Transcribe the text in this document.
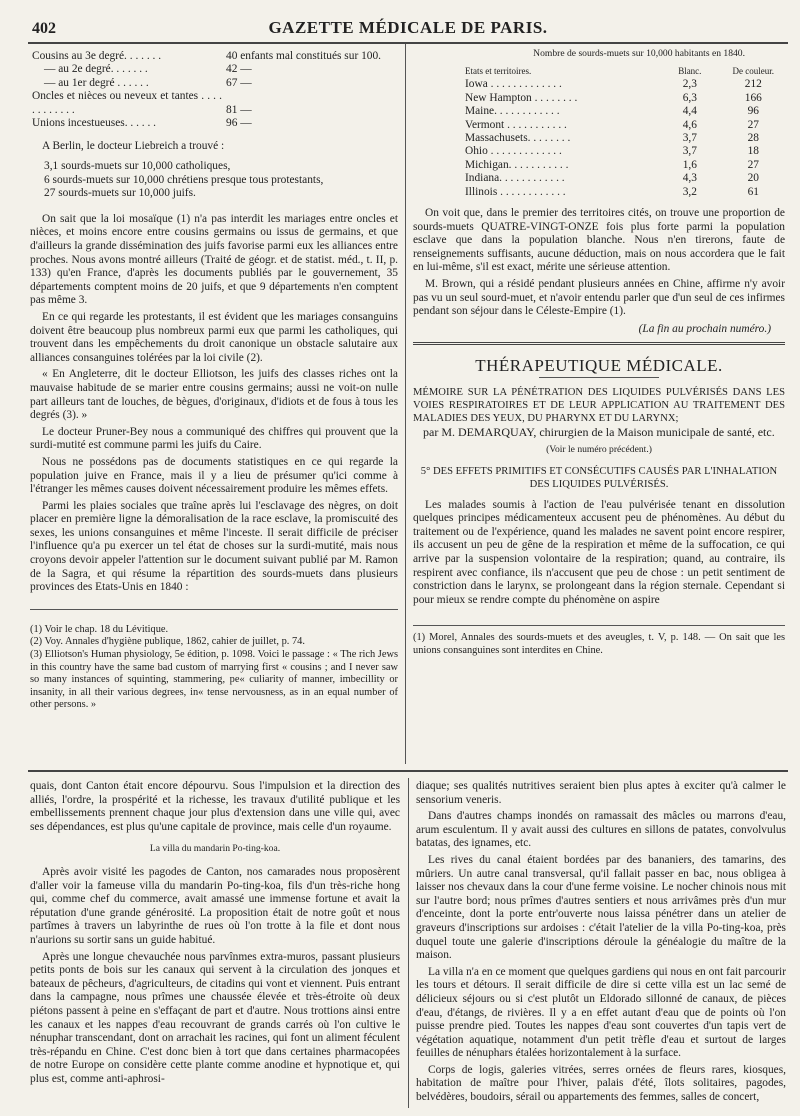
402	GAZETTE MÉDICALE DE PARIS.
Cousins au 3e degré. . . . . . .	40 enfants mal constitués sur 100.
— au 2e degré. . . . . . .	42 —
— au 1er degré . . . . . .	67 —
Oncles et nièces ou neveux et tantes . . . . . . . . . . . .	81 —
Unions incestueuses. . . . . .	96 —

A Berlin, le docteur Liebreich a trouvé :

3,1 sourds-muets sur 10,000 catholiques,
6 sourds-muets sur 10,000 chrétiens presque tous protestants,
27 sourds-muets sur 10,000 juifs.

On sait que la loi mosaïque (1) n'a pas interdit les mariages entre oncles et nièces, et moins encore entre cousins germains ou issus de germains, et que d'ailleurs la grande dissémination des juifs favorise parmi eux les alliances entre proches. Nous avons montré ailleurs (Traité de géogr. et de statist. méd., t. II, p. 133) qu'en France, d'après les documents publiés par le gouvernement, 35 départements comptent moins de 20 juifs, et que 9 départements n'en comptent pas même 3.

En ce qui regarde les protestants, il est évident que les mariages consanguins doivent être beaucoup plus nombreux parmi eux que parmi les catholiques, qui trouvent dans les empêchements du droit canonique un obstacle salutaire aux alliances consanguines tolérées par la loi civile (2).

« En Angleterre, dit le docteur Elliotson, les juifs des classes riches ont la mauvaise habitude de se marier entre cousins germains; aussi ne voit-on nulle part ailleurs tant de louches, de bègues, d'originaux, d'idiots et de fous à tous les degrés (3). »

Le docteur Pruner-Bey nous a communiqué des chiffres qui prouvent que la surdi-mutité est commune parmi les juifs du Caire.

Nous ne possédons pas de documents statistiques en ce qui regarde la population juive en France, mais il y a lieu de présumer qu'ici comme à l'étranger les mêmes causes doivent nécessairement produire les mêmes effets.

Parmi les plaies sociales que traîne après lui l'esclavage des nègres, on doit placer en première ligne la démoralisation de la race esclave, la promiscuité des sexes, les unions consanguines et même l'inceste. Il serait difficile de préciser l'influence qu'a pu exercer un tel état de choses sur la surdi-mutité, mais nous croyons devoir appeler l'attention sur le document suivant publié par M. Ramon de la Sagra, et qui résume la répartition des sourds-muets dans plusieurs provinces des Etats-Unis en 1840 :

(1) Voir le chap. 18 du Lévitique.

(2) Voy. Annales d'hygiène publique, 1862, cahier de juillet, p. 74.

(3) Elliotson's Human physiology, 5e édition, p. 1098. Voici le passage : « The rich Jews in this country have the same bad custom of marrying first « cousins ; and I never saw so many instances of squinting, stammering, pe« culiarity of manner, imbecillity or insanity, in all their various degrees, in« tense nervousness, as in an equal number of other persons. »

Nombre de sourds-muets sur 10,000 habitants en 1840.
Etats et territoires.	Blanc.	De couleur.
Iowa . . . . . . . . . . . . .	2,3	212
New Hampton . . . . . . . .	6,3	166
Maine. . . . . . . . . . . .	4,4	96
Vermont . . . . . . . . . . .	4,6	27
Massachusets. . . . . . . .	3,7	28
Ohio . . . . . . . . . . . . .	3,7	18
Michigan. . . . . . . . . . .	1,6	27
Indiana. . . . . . . . . . . .	4,3	20
Illinois . . . . . . . . . . . .	3,2	61

On voit que, dans le premier des territoires cités, on trouve une proportion de sourds-muets QUATRE-VINGT-ONZE fois plus forte parmi la population esclave que dans la population blanche. Nous n'en tirerons, faute de renseignements suffisants, aucune déduction, mais on nous accordera que le fait en lui-même, s'il est exact, mérite une sérieuse attention.

M. Brown, qui a résidé pendant plusieurs années en Chine, affirme n'y avoir pas vu un seul sourd-muet, et n'avoir entendu parler que d'un seul de ces infirmes pendant son séjour dans le Céleste-Empire (1).

(La fin au prochain numéro.)
THÉRAPEUTIQUE MÉDICALE.
MÉMOIRE SUR LA PÉNÉTRATION DES LIQUIDES PULVÉRISÉS DANS LES VOIES RESPIRATOIRES ET DE LEUR APPLICATION AU TRAITEMENT DES MALADIES DES YEUX, DU PHARYNX ET DU LARYNX;

par M. DEMARQUAY, chirurgien de la Maison municipale de santé, etc.

(Voir le numéro précédent.)
5° DES EFFETS PRIMITIFS ET CONSÉCUTIFS CAUSÉS PAR L'INHALATION DES LIQUIDES PULVÉRISÉS.

Les malades soumis à l'action de l'eau pulvérisée tenant en dissolution quelques principes médicamenteux accusent peu de phénomènes. Au début du traitement ou de l'expérience, quand les malades ne savent point encore respirer, ils accusent un peu de gêne de la respiration et même de la suffocation, ce qui arrive par la suspension volontaire de la respiration; quand, au contraire, ils respirent avec confiance, ils n'accusent que peu de chose : un petit sentiment de constriction dans le larynx, se prolongeant dans la région sternale. Cependant si pour mieux se rendre compte du phénomène on aspire

(1) Morel, Annales des sourds-muets et des aveugles, t. V, p. 148. — On sait que les unions consanguines sont interdites en Chine.

quais, dont Canton était encore dépourvu. Sous l'impulsion et la direction des alliés, l'ordre, la prospérité et la richesse, les travaux d'utilité publique et les embellissements prennent chaque jour plus d'extension dans une ville qui, avec ses dépendances, est plus qu'une capitale de province, mais celle d'un royaume.

La villa du mandarin Po-ting-koa.

Après avoir visité les pagodes de Canton, nos camarades nous proposèrent d'aller voir la fameuse villa du mandarin Po-ting-koa, fils d'un très-riche hong qui, comme chef du commerce, avait amassé une immense fortune et avait la réputation d'une grande générosité. La proposition était de notre goût et nous partîmes à travers un labyrinthe de rues où l'on trotte à la file et dont nous n'aurions su sortir sans un guide habitué.

Après une longue chevauchée nous parvînmes extra-muros, passant plusieurs petits ponts de bois sur les canaux qui servent à la circulation des jonques et bateaux de pêcheurs, d'agriculteurs, de citadins qui vont et viennent. Puis entrant dans la campagne, nous prîmes une chaussée élevée et très-étroite où deux piétons passent à peine en s'effaçant de part et d'autre. Nous trottions ainsi entre les canaux et les nappes d'eau recouvrant de grands carrés où l'on cultive le nénuphar transcendant, dont on arrachait les racines, qui font un aliment féculent très-répandu en Chine. C'est donc bien à tort que dans certaines pharmacopées de notre Europe on considère cette plante comme anodine et hypnotique et, qui plus est, comme anti-aphrosi-

diaque; ses qualités nutritives seraient bien plus aptes à exciter qu'à calmer le sensorium veneris.

Dans d'autres champs inondés on ramassait des mâcles ou marrons d'eau, arum esculentum. Il y avait aussi des cultures en sillons de patates, convolvulus batatas, des ignames, etc.

Les rives du canal étaient bordées par des bananiers, des tamarins, des mûriers. Un autre canal transversal, qu'il fallait passer en bac, nous obligea à laisser nos chevaux dans la cour d'une ferme voisine. Le nocher chinois nous mit sur l'autre bord; nous prîmes d'autres sentiers et nous arrivâmes près d'un mur d'enceinte, dont la porte entr'ouverte nous laissa pénétrer dans un atelier de graveurs d'inscriptions sur ardoises : c'était l'atelier de la villa Po-ting-koa, près duquel toute une galerie d'inscriptions déroule la généalogie du maître de la maison.

La villa n'a en ce moment que quelques gardiens qui nous en ont fait parcourir les tours et détours. Il serait difficile de dire si cette villa est un lac semé de délicieux séjours ou si c'est plutôt un Eldorado sillonné de canaux, de pièces d'eau, d'étangs, de rivières. Il y a en effet autant d'eau que de points où l'on puisse prendre pied. Toutes les nappes d'eau sont couvertes d'un tapis vert de végétation aquatique, notamment d'un petit trèfle d'eau et surtout de larges feuilles de nénuphars étalées horizontalement à la surface.

Corps de logis, galeries vitrées, serres ornées de fleurs rares, kiosques, habitation de maître pour l'hiver, palais d'été, îlots solitaires, pagodes, belvédères, boudoirs, sérail ou appartements des femmes, salles de concert,
